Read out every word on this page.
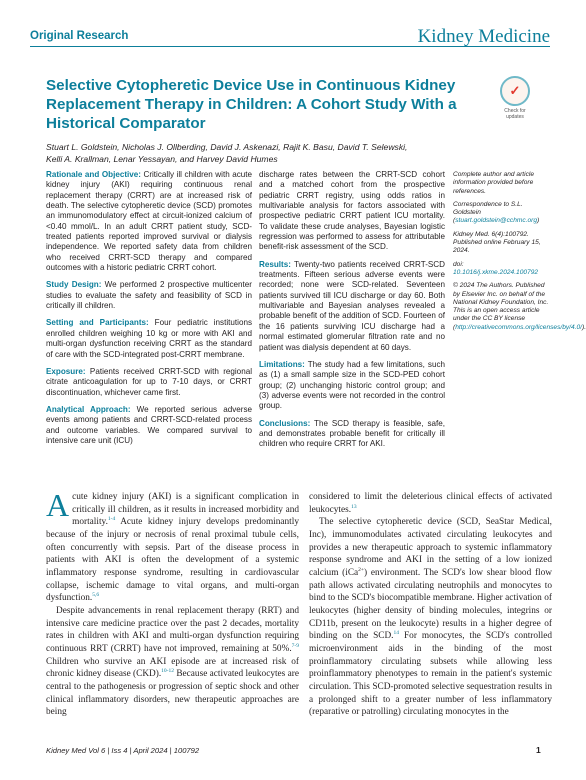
Original Research	Kidney Medicine
Selective Cytopheretic Device Use in Continuous Kidney Replacement Therapy in Children: A Cohort Study With a Historical Comparator
✓
Check for
updates
Stuart L. Goldstein, Nicholas J. Ollberding, David J. Askenazi, Rajit K. Basu, David T. Selewski,
Kelli A. Krallman, Lenar Yessayan, and Harvey David Humes

Rationale and Objective: Critically ill children with acute kidney injury (AKI) requiring continuous renal replacement therapy (CRRT) are at increased risk of death. The selective cytopheretic device (SCD) promotes an immunomodulatory effect at circuit-ionized calcium of <0.40 mmol/L. In an adult CRRT patient study, SCD-treated patients reported improved survival or dialysis independence. We reported safety data from children who received CRRT-SCD therapy and compared outcomes with a historic pediatric CRRT cohort.

Study Design: We performed 2 prospective multicenter studies to evaluate the safety and feasibility of SCD in critically ill children.

Setting and Participants: Four pediatric institutions enrolled children weighing 10 kg or more with AKI and multi-organ dysfunction receiving CRRT as the standard of care with the SCD-integrated post-CRRT membrane.

Exposure: Patients received CRRT-SCD with regional citrate anticoagulation for up to 7-10 days, or CRRT discontinuation, whichever came first.

Analytical Approach: We reported serious adverse events among patients and CRRT-SCD-related process and outcome variables. We compared survival to intensive care unit (ICU)

discharge rates between the CRRT-SCD cohort and a matched cohort from the prospective pediatric CRRT registry, using odds ratios in multivariable analysis for factors associated with prospective pediatric CRRT patient ICU mortality. To validate these crude analyses, Bayesian logistic regression was performed to assess for attributable benefit-risk assessment of the SCD.

Results: Twenty-two patients received CRRT-SCD treatments. Fifteen serious adverse events were recorded; none were SCD-related. Seventeen patients survived till ICU discharge or day 60. Both multivariable and Bayesian analyses revealed a probable benefit of the addition of SCD. Fourteen of the 16 patients surviving ICU discharge had a normal estimated glomerular filtration rate and no patient was dialysis dependent at 60 days.

Limitations: The study had a few limitations, such as (1) a small sample size in the SCD-PED cohort group; (2) unchanging historic control group; and (3) adverse events were not recorded in the control group.

Conclusions: The SCD therapy is feasible, safe, and demonstrates probable benefit for critically ill children who require CRRT for AKI.

Complete author and article information provided before references.

Correspondence to S.L. Goldstein (stuart.goldstein@cchmc.org)

Kidney Med. 6(4):100792. Published online February 15, 2024.

doi: 10.1016/j.xkme.2024.100792

© 2024 The Authors. Published by Elsevier Inc. on behalf of the National Kidney Foundation, Inc. This is an open access article under the CC BY license (http://creativecommons.org/licenses/by/4.0/).

Acute kidney injury (AKI) is a significant complication in critically ill children, as it results in increased morbidity and mortality.$^{1-4}$ Acute kidney injury develops predominantly because of the injury or necrosis of renal proximal tubule cells, often concurrently with sepsis. Part of the disease process in patients with AKI is often the development of a systemic inflammatory response syndrome, resulting in cardiovascular collapse, ischemic damage to vital organs, and multi-organ dysfunction.$^{5,6}$

Despite advancements in renal replacement therapy (RRT) and intensive care medicine practice over the past 2 decades, mortality rates in children with AKI and multi-organ dysfunction requiring continuous RRT (CRRT) have not improved, remaining at 50%.$^{7-9}$ Children who survive an AKI episode are at increased risk of chronic kidney disease (CKD).$^{10-12}$ Because activated leukocytes are central to the pathogenesis or progression of septic shock and other clinical inflammatory disorders, new therapeutic approaches are being

considered to limit the deleterious clinical effects of activated leukocytes.$^{13}$

The selective cytopheretic device (SCD, SeaStar Medical, Inc), immunomodulates activated circulating leukocytes and provides a new therapeutic approach to systemic inflammatory response syndrome and AKI in the setting of a low ionized calcium (iCa$^{2+}$) environment. The SCD's low shear blood flow path allows activated circulating neutrophils and monocytes to bind to the SCD's biocompatible membrane. Higher activation of leukocytes (higher density of binding molecules, integrins or CD11b, present on the leukocyte) results in a higher degree of binding on the SCD.$^{14}$ For monocytes, the SCD's controlled microenvironment aids in the binding of the most proinflammatory circulating subsets while allowing less proinflammatory phenotypes to remain in the patient's systemic circulation. This SCD-promoted selective sequestration results in a prolonged shift to a greater number of less inflammatory (reparative or patrolling) circulating monocytes in the

Kidney Med Vol 6 | Iss 4 | April 2024 | 100792	1
